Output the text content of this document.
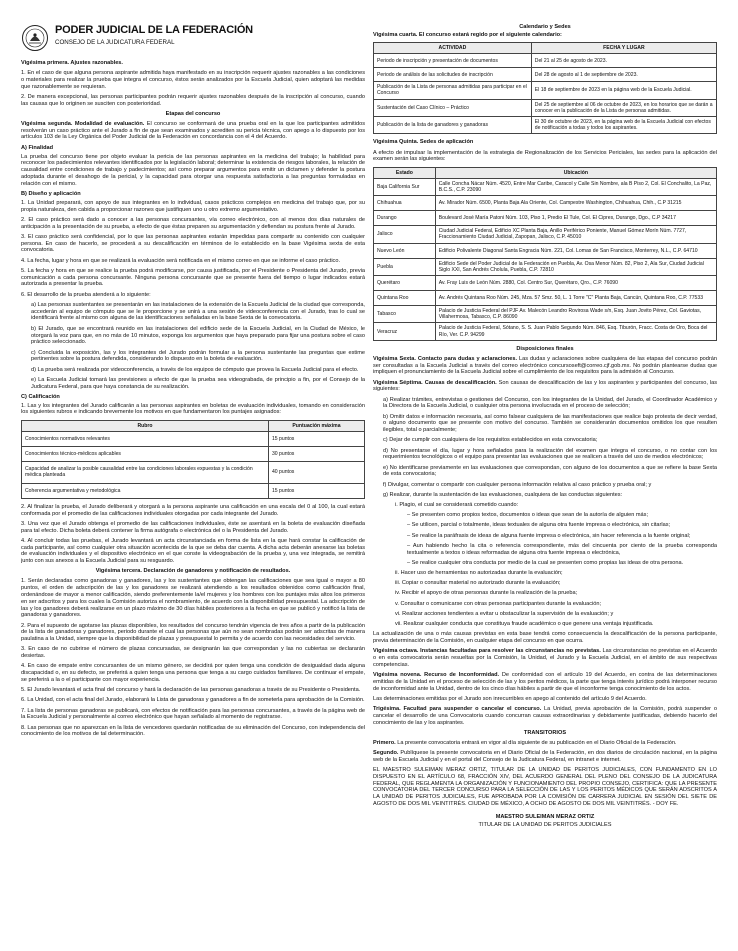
PODER JUDICIAL DE LA FEDERACIÓN
CONSEJO DE LA JUDICATURA FEDERAL

Vigésima primera. Ajustes razonables.

1. En el caso de que alguna persona aspirante admitida haya manifestado en su inscripción requerir ajustes razonables a las condiciones o materiales para realizar la prueba que integra el concurso, éstos serán analizados por la Escuela Judicial, quien adoptará las medidas que razonablemente se requieran.

2. De manera excepcional, las personas participantes podrán requerir ajustes razonables después de la inscripción al concurso, cuando las causas que lo originen se susciten con posterioridad.

Etapas del concurso

Vigésima segunda. Modalidad de evaluación. El concurso se conformará de una prueba oral en la que los participantes admitidos resolverán un caso práctico ante el Jurado a fin de que sean examinados y acrediten su pericia técnica, con apego a lo dispuesto por los artículos 103 de la Ley Orgánica del Poder Judicial de la Federación en concordancia con el 4 del Acuerdo.

A) Finalidad

La prueba del concurso tiene por objeto evaluar la pericia de las personas aspirantes en la medicina del trabajo; la habilidad para reconocer los padecimientos relevantes identificados por la legislación laboral; determinar la existencia de riesgos laborales, la relación de causalidad entre condiciones de trabajo y padecimientos; así como preparar argumentos para emitir un dictamen y defender la postura adoptada durante el desahogo de la pericial, y la capacidad para otorgar una respuesta satisfactoria a las preguntas formuladas en relación con el mismo.

B) Diseño y aplicación

1. La Unidad preparará, con apoyo de sus integrantes en lo individual, casos prácticos complejos en medicina del trabajo que, por su propia naturaleza, den cabida a proporcionar razones que justifiquen uno u otro extremo argumentativo.

2. El caso práctico será dado a conocer a las personas concursantes, vía correo electrónico, con al menos dos días naturales de anticipación a la presentación de su prueba, a efecto de que éstas preparen su argumentación y defiendan su postura frente al Jurado.

3. El caso práctico será confidencial, por lo que las personas aspirantes estarán impedidas para compartir su contenido con cualquier persona. En caso de hacerlo, se procederá a su descalificación en términos de lo establecido en la base Vigésima sexta de esta convocatoria.

4. La fecha, lugar y hora en que se realizará la evaluación será notificada en el mismo correo en que se informe el caso práctico.

5. La fecha y hora en que se realice la prueba podrá modificarse, por causa justificada, por el Presidente o Presidenta del Jurado, previa comunicación a cada persona concursante. Ninguna persona concursante que se presente fuera del tiempo o lugar indicados estará autorizada a presentar la prueba.

6. El desarrollo de la prueba atenderá a lo siguiente:

a) Las personas sustentantes se presentarán en las instalaciones de la extensión de la Escuela Judicial de la ciudad que corresponda, accederán al equipo de cómputo que se le proporcione y se unirá a una sesión de videoconferencia con el Jurado, tras lo cual se identificará frente al mismo con alguna de las identificaciones señaladas en la base Sexta de la convocatoria.

b) El Jurado, que se encontrará reunido en las instalaciones del edificio sede de la Escuela Judicial, en la Ciudad de México, le otorgará la voz para que, en no más de 10 minutos, exponga los argumentos que haya preparado para fijar una postura sobre el caso práctico seleccionado.

c) Concluida la exposición, las y los integrantes del Jurado podrán formular a la persona sustentante las preguntas que estime pertinentes sobre la postura defendida, considerando lo dispuesto en la boleta de evaluación.

d) La prueba será realizada por videoconferencia, a través de los equipos de cómputo que provea la Escuela Judicial para el efecto.

e) La Escuela Judicial tomará las previsiones a efecto de que la prueba sea videograbada, de principio a fin, por el Consejo de la Judicatura Federal, para que haya constancia de su realización.

C) Calificación

1. Las y los integrantes del Jurado calificarán a las personas aspirantes en boletas de evaluación individuales, tomando en consideración los siguientes rubros e indicando brevemente los motivos en que fundamentaron los puntajes asignados:

Rubro	Puntuación máxima
Conocimientos normativos relevantes	15 puntos
Conocimientos técnico-médicos aplicables	30 puntos
Capacidad de analizar la posible causalidad entre las condiciones laborales expuestas y la condición médica planteada	40 puntos
Coherencia argumentativa y metodológica	15 puntos

2. Al finalizar la prueba, el Jurado deliberará y otorgará a la persona aspirante una calificación en una escala del 0 al 100, la cual estará conformada por el promedio de las calificaciones individuales otorgadas por cada integrante del Jurado.

3. Una vez que el Jurado obtenga el promedio de las calificaciones individuales, éste se asentará en la boleta de evaluación diseñada para tal efecto. Dicha boleta deberá contener la firma autógrafa o electrónica del o la Presidenta del Jurado.

4. Al concluir todas las pruebas, el Jurado levantará un acta circunstanciada en forma de lista en la que hará constar la calificación de cada participante, así como cualquier otra situación acontecida de la que se deba dar cuenta. A dicha acta deberán anexarse las boletas de evaluación individuales y el dispositivo electrónico en el que conste la videograbación de la prueba y, una vez integrada, se remitirá junto con sus anexos a la Escuela Judicial para su resguardo.

Vigésima tercera. Declaración de ganadores y notificación de resultados.

1. Serán declaradas como ganadoras y ganadores, las y los sustentantes que obtengan las calificaciones que sea igual o mayor a 80 puntos, el orden de adscripción de las y los ganadores se realizará atendiendo a los resultados obtenidos como calificación final, ordenándose de mayor a menor calificación, siendo preferentemente la/el mujeres y los hombres con los puntajes más altos los primeros en ser adscritos y para los cuales la Comisión autoriza el nombramiento, de acuerdo con la disponibilidad presupuestal. La adscripción de las y los ganadores deberá realizarse en un plazo máximo de 30 días hábiles posteriores a la fecha en que se publicó y notificó la lista de ganadoras y ganadores.

2. Para el supuesto de agotarse las plazas disponibles, los resultados del concurso tendrán vigencia de tres años a partir de la publicación de la lista de ganadoras y ganadores, periodo durante el cual las personas que aún no sean nombradas podrán ser adscritas de manera paulatina a la Unidad, siempre que la disponibilidad de plazas y presupuestal lo permita y de acuerdo con las necesidades del servicio.

3. En caso de no cubrirse el número de plazas concursadas, se designarán las que correspondan y las no cubiertas se declararán desiertas.

4. En caso de empate entre concursantes de un mismo género, se decidirá por quien tenga una condición de desigualdad dada alguna discapacidad o, en su defecto, se preferirá a quien tenga una persona que tenga a su cargo cuidados familiares. De continuar el empate, se preferirá a la o el participante con mayor experiencia.

5. El Jurado levantará el acta final del concurso y hará la declaración de las personas ganadoras a través de su Presidente o Presidenta.

6. La Unidad, con el acta final del Jurado, elaborará la Lista de ganadoras y ganadores a fin de someterla para aprobación de la Comisión.

7. La lista de personas ganadoras se publicará, con efectos de notificación para las personas concursantes, a través de la página web de la Escuela Judicial y personalmente al correo electrónico que hayan señalado al momento de registrarse.

8. Las personas que no aparezcan en la lista de vencedores quedarán notificadas de su eliminación del Concurso, con independencia del conocimiento de los motivos de tal determinación.

Calendario y Sedes

Vigésima cuarta. El concurso estará regido por el siguiente calendario:

ACTIVIDAD	FECHA Y LUGAR
Periodo de inscripción y presentación de documentos	Del 21 al 25 de agosto de 2023.
Periodo de análisis de las solicitudes de inscripción	Del 28 de agosto al 1 de septiembre de 2023.
Publicación de la Lista de personas admitidas para participar en el Concurso	El 18 de septiembre de 2023 en la página web de la Escuela Judicial.
Sustentación del Caso Clínico – Práctico	Del 25 de septiembre al 06 de octubre de 2023, en los horarios que se darán a conocer en la publicación de la Lista de personas admitidas.
Publicación de la lista de ganadores y ganadoras	El 30 de octubre de 2023, en la página web de la Escuela Judicial con efectos de notificación a todas y todos los aspirantes.

Vigésima Quinta. Sedes de aplicación

A efecto de impulsar la implementación de la estrategia de Regionalización de los Servicios Periciales, las sedes para la aplicación del examen serán las siguientes:

Estado	Ubicación
Baja California Sur	Calle Concha Nácar Núm. 4520, Entre Mar Caribe, Caracol y Calle Sin Nombre, ala B Piso 2, Col. El Conchalito, La Paz, B.C.S., C.P. 23090
Chihuahua	Av. Mirador Núm. 6500, Planta Baja Ala Oriente, Col. Campestre Washington, Chihuahua, Chih., C.P 31215
Durango	Boulevard José María Patoni Núm. 103, Piso 1, Predio El Tule, Col. El Cipres, Durango, Dgo., C.P 34217
Jalisco	Ciudad Judicial Federal, Edificio XC Planta Baja, Anillo Periférico Poniente, Manuel Gómez Morín Núm. 7727, Fraccionamiento Ciudad Judicial, Zapopan, Jalisco, C.P. 45010
Nuevo León	Edificio Polivalente Diagonal Santa Engracia Núm. 221, Col. Lomas de San Francisco, Monterrey, N.L., C.P. 64710
Puebla	Edificio Sede del Poder Judicial de la Federación en Puebla, Av. Osa Menor Núm. 82, Piso 2, Ala Sur, Ciudad Judicial Siglo XXI, San Andrés Cholula, Puebla, C.P. 72810
Querétaro	Av. Fray Luis de León Núm. 2880, Col. Centro Sur, Querétaro, Qro., C.P. 76090
Quintana Roo	Av. Andrés Quintana Roo Núm. 245, Mza. 57 Smz. 50, L. 1 Torre "C" Planta Baja, Cancún, Quintana Roo, C.P. 77533
Tabasco	Palacio de Justicia Federal del PJF Av. Malecón Leandro Rovirosa Wade s/n, Esq. Juan Jovito Pérez, Col. Gaviotas, Villahermosa, Tabasco, C.P. 86090
Veracruz	Palacio de Justicia Federal, Sótano, S. S. Juan Pablo Segundo Núm. 846, Esq. Tiburón, Fracc. Costa de Oro, Boca del Río, Ver. C.P. 94299
Disposiciones finales

Vigésima Sexta. Contacto para dudas y aclaraciones. Las dudas y aclaraciones sobre cualquiera de las etapas del concurso podrán ser consultadas a la Escuela Judicial a través del correo electrónico concursoseft@correo.cjf.gob.mx. No podrán plantearse dudas que impliquen el pronunciamiento de la Escuela Judicial sobre el cumplimiento de los requisitos para la admisión al Concurso.

Vigésima Séptima. Causas de descalificación. Son causas de descalificación de las y los aspirantes y participantes del concurso, las siguientes:

a) Realizar trámites, entrevistas o gestiones del Concurso, con los integrantes de la Unidad, del Jurado, el Coordinador Académico y la Directora de la Escuela Judicial, o cualquier otra persona involucrada en el proceso de selección;

b) Omitir datos e información necesaria, así como falsear cualquiera de las manifestaciones que realice bajo protesta de decir verdad, o alguno documento que se presente con motivo del concurso. También se considerarán documentos omitidos los que resulten ilegibles, total o parcialmente;

c) Dejar de cumplir con cualquiera de los requisitos establecidos en esta convocatoria;

d) No presentarse el día, lugar y hora señalados para la realización del examen que integra el concurso, o no contar con los requerimientos tecnológicos o el equipo para presentar las evaluaciones que se realicen a través del uso de medios electrónicos;

e) No identificarse previamente en las evaluaciones que correspondan, con alguno de los documentos a que se refiere la base Sexta de esta convocatoria;

f) Divulgar, comentar o compartir con cualquier persona información relativa al caso práctico y prueba oral; y

g) Realizar, durante la sustentación de las evaluaciones, cualquiera de las conductas siguientes:

i. Plagio, el cual se considerará cometido cuando:

– Se presenten como propios textos, documentos o ideas que sean de la autoría de alguien más;

– Se utilicen, parcial o totalmente, ideas textuales de alguna otra fuente impresa o electrónica, sin citarlas;

– Se realice la paráfrasis de ideas de alguna fuente impresa o electrónica, sin hacer referencia a la fuente original;

– Aun habiendo hecho la cita o referencia correspondiente, más del cincuenta por ciento de la prueba corresponda textualmente a textos o ideas reformadas de alguna otra fuente impresa o electrónica,

– Se realice cualquier otra conducta por medio de la cual se presenten como propias las ideas de otra persona.

ii. Hacer uso de herramientas no autorizadas durante la evaluación;

iii. Copiar o consultar material no autorizado durante la evaluación;

iv. Recibir el apoyo de otras personas durante la realización de la prueba;

v. Consultar o comunicarse con otras personas participantes durante la evaluación;

vi. Realizar acciones tendientes a evitar u obstaculizar la supervisión de la evaluación; y

vii. Realizar cualquier conducta que constituya fraude académico o que genere una ventaja injustificada.

La actualización de una o más causas previstas en esta base tendrá como consecuencia la descalificación de la persona participante, previa determinación de la Comisión, en cualquier etapa del concurso en que ocurra.

Vigésima octava. Instancias facultadas para resolver las circunstancias no previstas. Las circunstancias no previstas en el Acuerdo o en esta convocatoria serán resueltas por la Comisión, la Unidad, el Jurado y la Escuela Judicial, en el ámbito de sus respectivas competencias.

Vigésima novena. Recurso de Inconformidad. De conformidad con el artículo 19 del Acuerdo, en contra de las determinaciones emitidas de la Unidad en el proceso de selección de las y los peritos médicos, la parte que tenga interés jurídico podrá interponer recurso de inconformidad ante la Unidad, dentro de los cinco días hábiles a partir de que el inconforme tenga conocimiento de los actos.

Las determinaciones emitidas por el Jurado son inrecurribles en apego al contenido del artículo 9 del Acuerdo.

Trigésima. Facultad para suspender o cancelar el concurso. La Unidad, previa aprobación de la Comisión, podrá suspender o cancelar el desarrollo de una Convocatoria cuando concurran causas extraordinarias y debidamente justificadas, debiendo hacerlo del conocimiento de las y los aspirantes.

TRANSITORIOS

Primero. La presente convocatoria entrará en vigor al día siguiente de su publicación en el Diario Oficial de la Federación.

Segundo. Publíquese la presente convocatoria en el Diario Oficial de la Federación, en dos diarios de circulación nacional, en la página web de la Escuela Judicial y en el portal del Consejo de la Judicatura Federal, en intranet e internet.

EL MAESTRO SULEIMAN MERAZ ORTIZ, TITULAR DE LA UNIDAD DE PERITOS JUDICIALES, CON FUNDAMENTO EN LO DISPUESTO EN EL ARTÍCULO 68, FRACCIÓN XIV, DEL ACUERDO GENERAL DEL PLENO DEL CONSEJO DE LA JUDICATURA FEDERAL, QUE REGLAMENTA LA ORGANIZACIÓN Y FUNCIONAMIENTO DEL PROPIO CONSEJO, CERTIFICA: QUE LA PRESENTE CONVOCATORIA DEL TERCER CONCURSO PARA LA SELECCIÓN DE LAS Y LOS PERITOS MÉDICOS QUE SERÁN ADSCRITOS A LA UNIDAD DE PERITOS JUDICIALES, FUE APROBADA POR LA COMISIÓN DE CARRERA JUDICIAL EN SESIÓN DEL SIETE DE AGOSTO DE DOS MIL VEINTITRÉS. CIUDAD DE MÉXICO, A OCHO DE AGOSTO DE DOS MIL VEINTITRÉS. - DOY FE.

MAESTRO SULEIMAN MERAZ ORTIZ
TITULAR DE LA UNIDAD DE PERITOS JUDICIALES
